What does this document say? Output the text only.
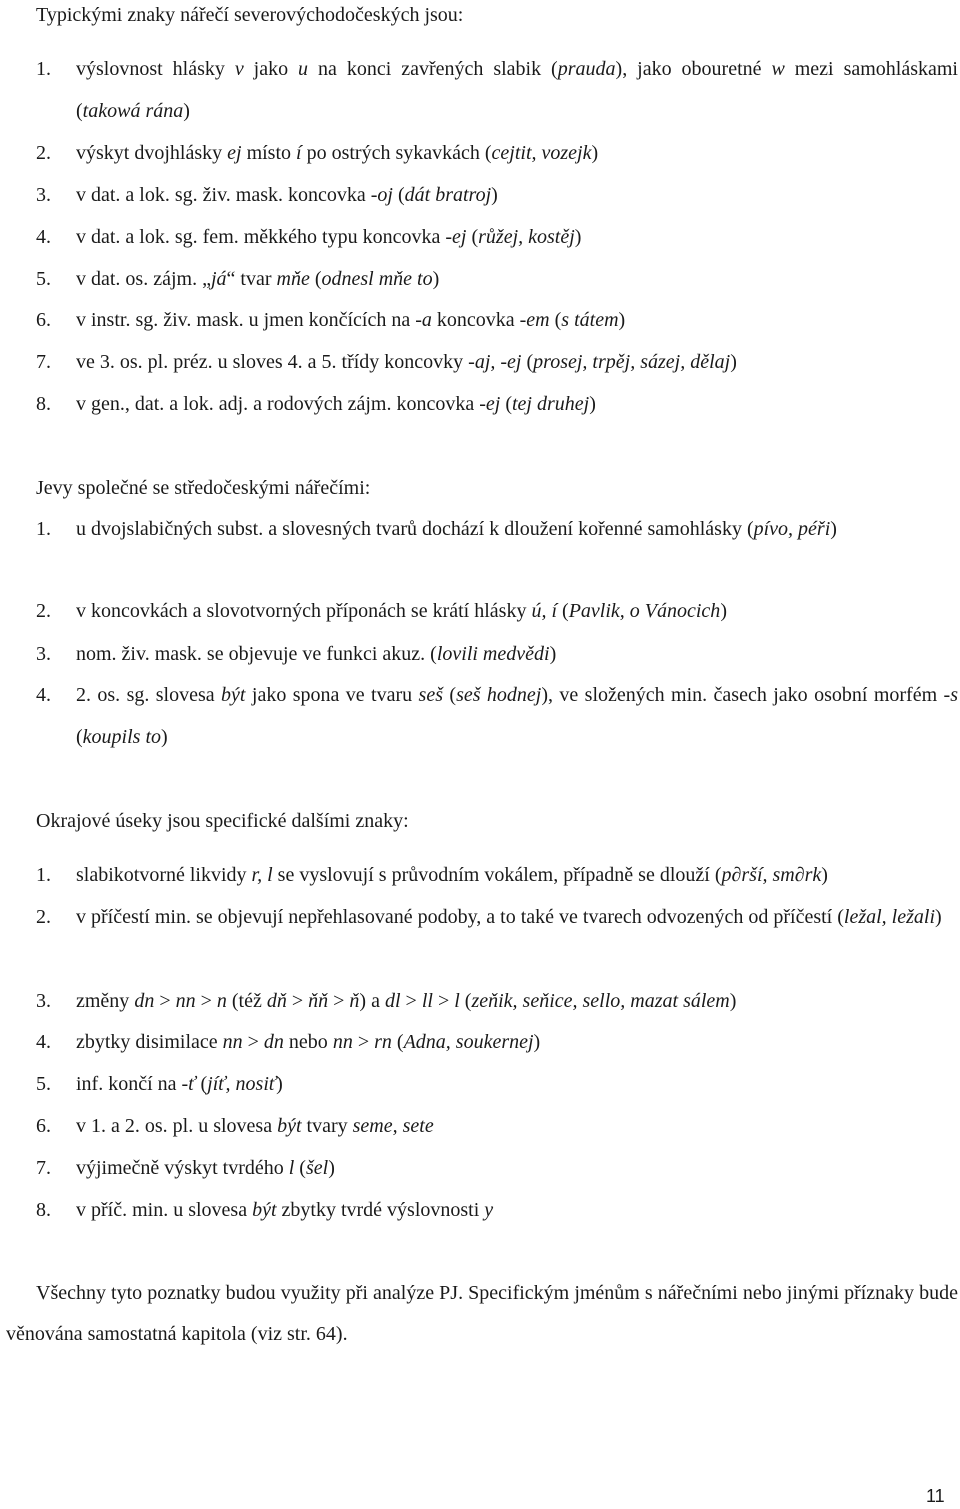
Typickými znaky nářečí severovýchodočeských jsou:
1.	výslovnost hlásky v jako u na konci zavřených slabik (prauda), jako obouretné w mezi samohláskami (takowá rána)
2.	výskyt dvojhlásky ej místo í po ostrých sykavkách (cejtit, vozejk)
3.	v dat. a lok. sg. živ. mask. koncovka -oj (dát bratroj)
4.	v dat. a lok. sg. fem. měkkého typu koncovka -ej (růžej, kostěj)
5.	v dat. os. zájm. „já“ tvar mňe (odnesl mňe to)
6.	v instr. sg. živ. mask. u jmen končících na -a koncovka -em (s tátem)
7.	ve 3. os. pl. préz. u sloves 4. a 5. třídy koncovky -aj, -ej (prosej, trpěj, sázej, dělaj)
8.	v gen., dat. a lok. adj. a rodových zájm. koncovka -ej (tej druhej)
Jevy společné se středočeskými nářečími:
1.	u dvojslabičných subst. a slovesných tvarů dochází k dloužení kořenné samohlásky (pívo, péři)
2.	v koncovkách a slovotvorných příponách se krátí hlásky ú, í (Pavlik, o Vánocich)
3.	nom. živ. mask. se objevuje ve funkci akuz. (lovili medvědi)
4.	2. os. sg. slovesa být jako spona ve tvaru seš (seš hodnej), ve složených min. časech jako osobní morfém -s (koupils to)
Okrajové úseky jsou specifické dalšími znaky:
1.	slabikotvorné likvidy r, l se vyslovují s průvodním vokálem, případně se dlouží (p∂rší, sm∂rk)
2.	v příčestí min. se objevují nepřehlasované podoby, a to také ve tvarech odvozených od příčestí (ležal, ležali)
3.	změny dn > nn > n (též dň > ňň > ň) a dl > ll > l (zeňik, seňice, sello, mazat sálem)
4.	zbytky disimilace nn > dn nebo nn > rn (Adna, soukernej)
5.	inf. končí na -ť (jíť, nosiť)
6.	v 1. a 2. os. pl. u slovesa být tvary seme, sete
7.	výjimečně výskyt tvrdého l (šel)
8.	v příč. min. u slovesa být zbytky tvrdé výslovnosti y
Všechny tyto poznatky budou využity při analýze PJ. Specifickým jménům s nářečními nebo jinými příznaky bude věnována samostatná kapitola (viz str. 64).
11
